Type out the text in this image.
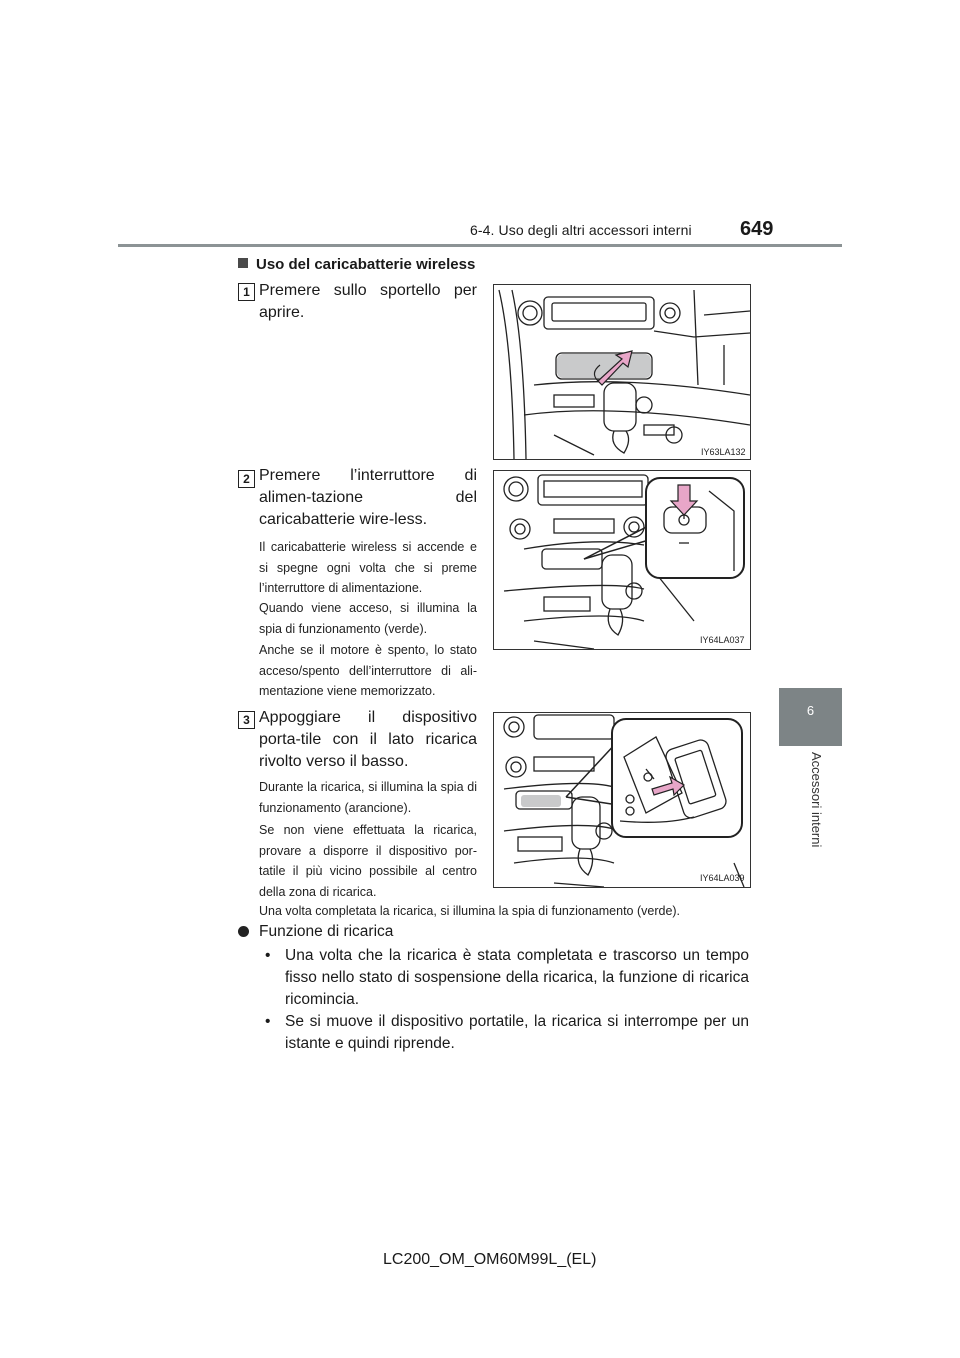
6-4. Uso degli altri accessori interni 649
6
Accessori interni
Uso del caricabatterie wireless
1 Premere sullo sportello per aprire.
IY63LA132
2 Premere l’interruttore di alimen-tazione del caricabatterie wire-less.
Il caricabatterie wireless si accende e si spegne ogni volta che si preme l’interruttore di alimentazione.
Quando viene acceso, si illumina la spia di funzionamento (verde).
Anche se il motore è spento, lo stato acceso/spento dell’interruttore di ali-mentazione viene memorizzato.
IY64LA037
3 Appoggiare il dispositivo porta-tile con il lato ricarica rivolto verso il basso.
Durante la ricarica, si illumina la spia di funzionamento (arancione).
Se non viene effettuata la ricarica, provare a disporre il dispositivo por-tatile il più vicino possibile al centro della zona di ricarica.
IY64LA039
Una volta completata la ricarica, si illumina la spia di funzionamento (verde).
Funzione di ricarica
• Una volta che la ricarica è stata completata e trascorso un tempo fisso nello stato di sospensione della ricarica, la funzione di ricarica ricomincia.
• Se si muove il dispositivo portatile, la ricarica si interrompe per un istante e quindi riprende.
LC200_OM_OM60M99L_(EL)
